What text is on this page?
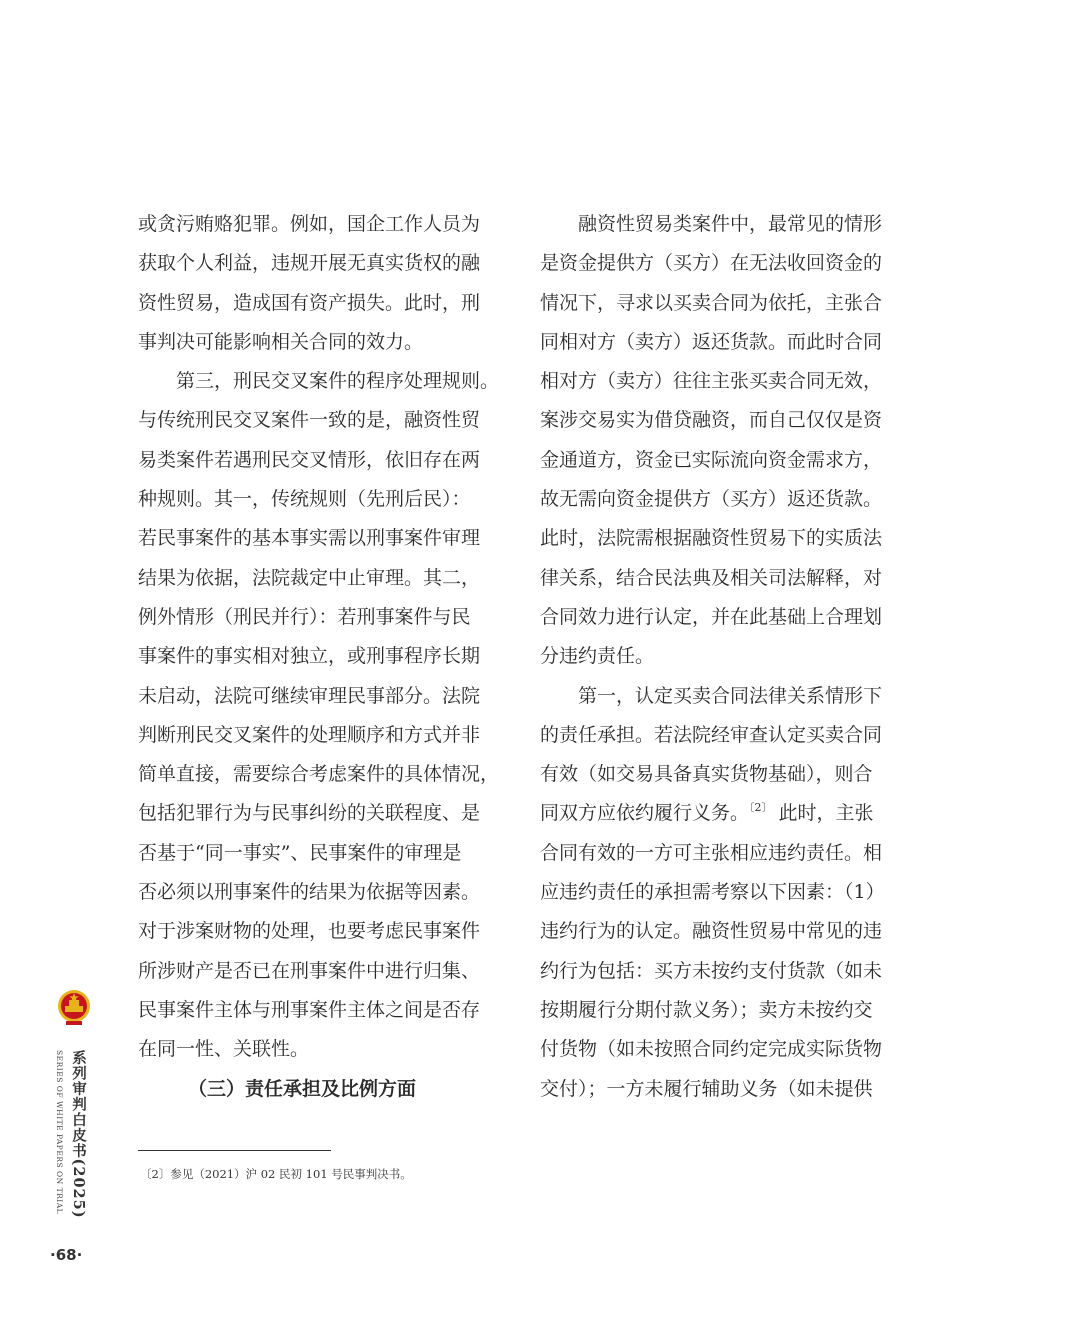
或贪污贿赂犯罪。例如，国企工作人员为
获取个人利益，违规开展无真实货权的融
资性贸易，造成国有资产损失。此时，刑
事判决可能影响相关合同的效力。
　　第三，刑民交叉案件的程序处理规则。
与传统刑民交叉案件一致的是，融资性贸
易类案件若遇刑民交叉情形，依旧存在两
种规则。其一，传统规则（先刑后民）：
若民事案件的基本事实需以刑事案件审理
结果为依据，法院裁定中止审理。其二，
例外情形（刑民并行）：若刑事案件与民
事案件的事实相对独立，或刑事程序长期
未启动，法院可继续审理民事部分。法院
判断刑民交叉案件的处理顺序和方式并非
简单直接，需要综合考虑案件的具体情况，
包括犯罪行为与民事纠纷的关联程度、是
否基于“同一事实”、民事案件的审理是
否必须以刑事案件的结果为依据等因素。
对于涉案财物的处理，也要考虑民事案件
所涉财产是否已在刑事案件中进行归集、
民事案件主体与刑事案件主体之间是否存
在同一性、关联性。
（三）责任承担及比例方面
　　融资性贸易类案件中，最常见的情形
是资金提供方（买方）在无法收回资金的
情况下，寻求以买卖合同为依托，主张合
同相对方（卖方）返还货款。而此时合同
相对方（卖方）往往主张买卖合同无效，
案涉交易实为借贷融资，而自己仅仅是资
金通道方，资金已实际流向资金需求方，
故无需向资金提供方（买方）返还货款。
此时，法院需根据融资性贸易下的实质法
律关系，结合民法典及相关司法解释，对
合同效力进行认定，并在此基础上合理划
分违约责任。
　　第一，认定买卖合同法律关系情形下
的责任承担。若法院经审查认定买卖合同
有效（如交易具备真实货物基础），则合
同双方应依约履行义务。$^{〔2〕}$ 此时，主张
合同有效的一方可主张相应违约责任。相
应违约责任的承担需考察以下因素：（1）
违约行为的认定。融资性贸易中常见的违
约行为包括：买方未按约支付货款（如未
按期履行分期付款义务）；卖方未按约交
付货物（如未按照合同约定完成实际货物
交付）；一方未履行辅助义务（如未提供
〔2〕参见（2021）沪 02 民初 101 号民事判决书。
系列审判白皮书(2025)
SERIES OF WHITE PAPERS ON TRIAL
·68·
